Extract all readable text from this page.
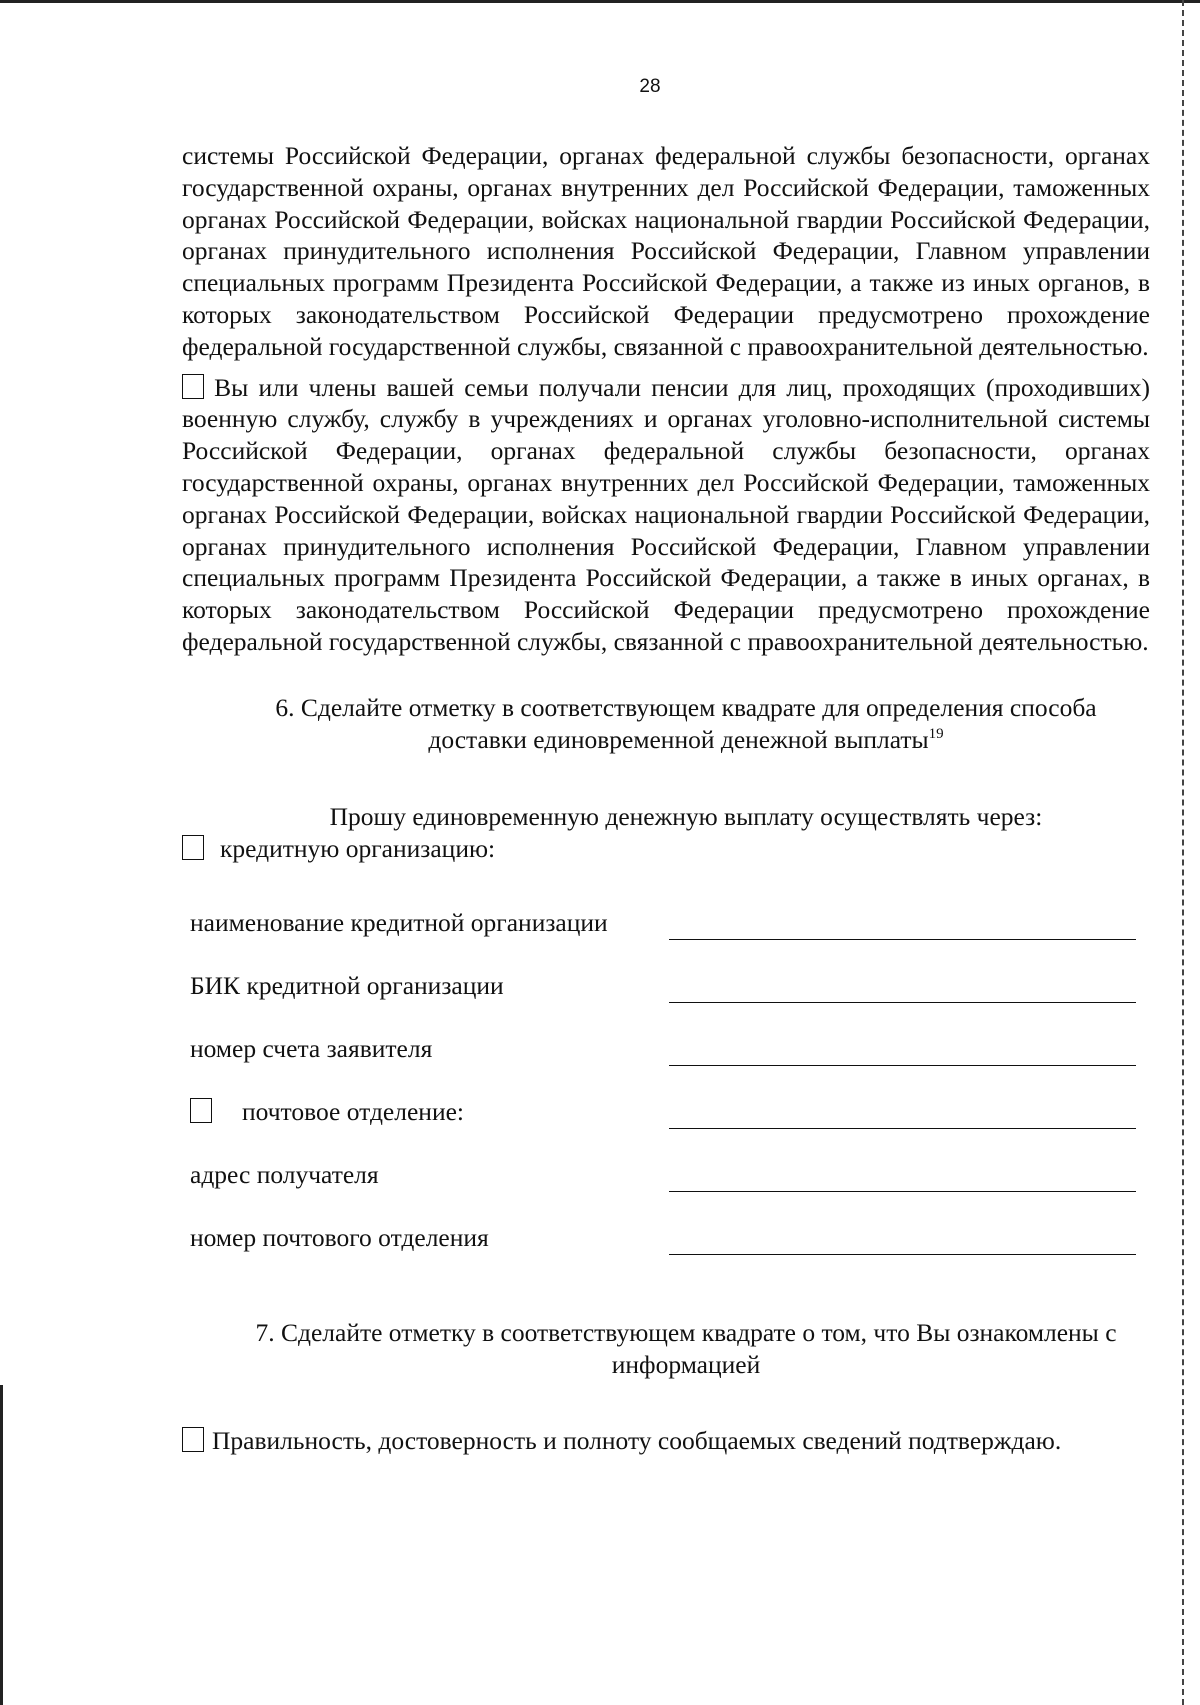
28

системы Российской Федерации, органах федеральной службы безопасности, органах государственной охраны, органах внутренних дел Российской Федерации, таможенных органах Российской Федерации, войсках национальной гвардии Российской Федерации, органах принудительного исполнения Российской Федерации, Главном управлении специальных программ Президента Российской Федерации, а также из иных органов, в которых законодательством Российской Федерации предусмотрено прохождение федеральной государственной службы, связанной с правоохранительной деятельностью.

Вы или члены вашей семьи получали пенсии для лиц, проходящих (проходивших) военную службу, службу в учреждениях и органах уголовно-исполнительной системы Российской Федерации, органах федеральной службы безопасности, органах государственной охраны, органах внутренних дел Российской Федерации, таможенных органах Российской Федерации, войсках национальной гвардии Российской Федерации, органах принудительного исполнения Российской Федерации, Главном управлении специальных программ Президента Российской Федерации, а также в иных органах, в которых законодательством Российской Федерации предусмотрено прохождение федеральной государственной службы, связанной с правоохранительной деятельностью.

6. Сделайте отметку в соответствующем квадрате для определения способа
доставки единовременной денежной выплаты$^{19}$
Прошу единовременную денежную выплату осуществлять через:
кредитную организацию:
наименование кредитной организации
БИК кредитной организации
номер счета заявителя
почтовое отделение:
адрес получателя
номер почтового отделения
7. Сделайте отметку в соответствующем квадрате о том, что Вы ознакомлены с
информацией
Правильность, достоверность и полноту сообщаемых сведений подтверждаю.
